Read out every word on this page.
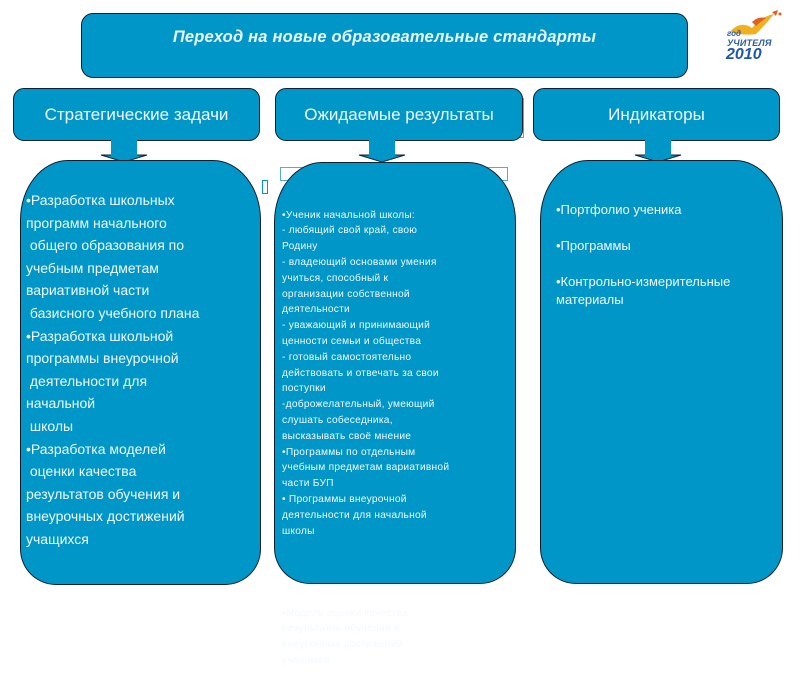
Переход на новые образовательные стандарты	год
УЧИТЕЛЯ
2010
Стратегические задачи	Ожидаемые результаты	Индикаторы
•Разработка школьных
программ начального
общего образования по
учебным предметам
вариативной части
базисного учебного плана
•Разработка школьной
программы внеурочной
деятельности для
начальной
школы
•Разработка моделей
оценки качества
результатов обучения и
внеурочных достижений
учащихся

•Ученик начальной школы:
- любящий свой край, свою
Родину
- владеющий основами умения
учиться, способный к
организации собственной
деятельности
- уважающий и принимающий
ценности семьи и общества
- готовый самостоятельно
действовать и отвечать за свои
поступки
-доброжелательный, умеющий
слушать собеседника,
высказывать своё мнение
•Программы по отдельным
учебным предметам вариативной
части БУП
• Программы внеурочной
деятельности для начальной
школы

•Модель оценки качества
результатов обучения и
внеурочных достижений
учащихся

•Портфолио ученика
•Программы
•Контрольно-измерительные
материалы
